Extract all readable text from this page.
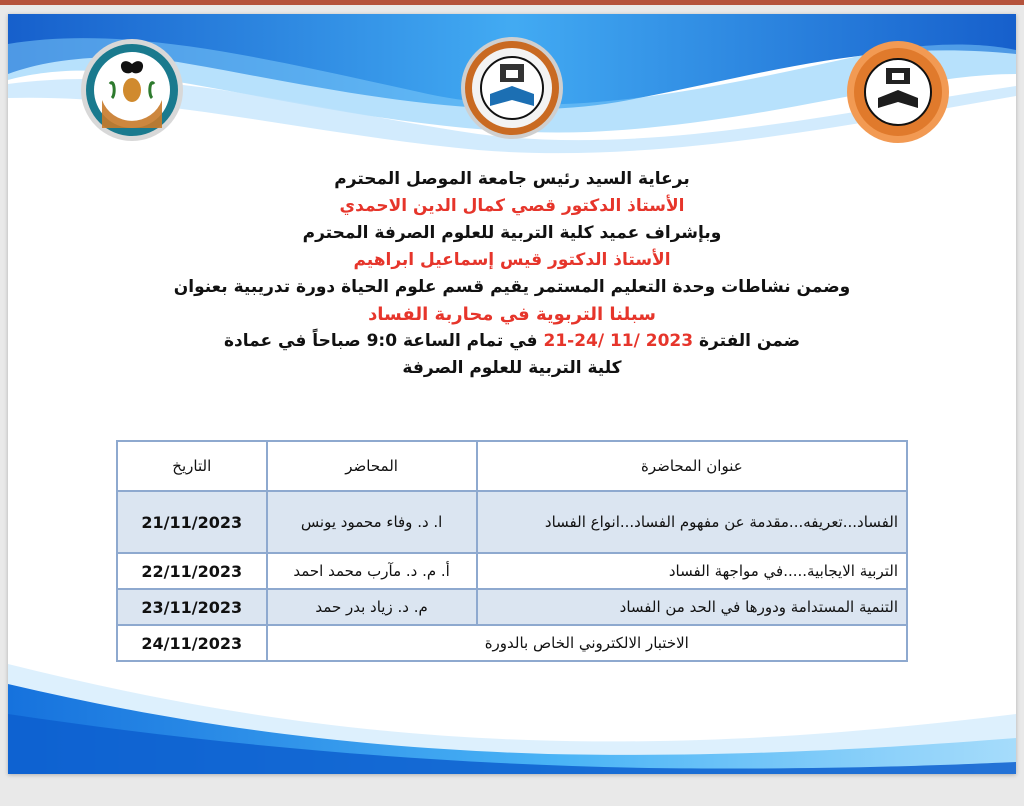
برعاية السيد رئيس جامعة الموصل المحترم
الأستاذ الدكتور قصي كمال الدين الاحمدي
وبإشراف عميد كلية التربية للعلوم الصرفة المحترم
الأستاذ الدكتور قيس إسماعيل ابراهيم
وضمن نشاطات وحدة التعليم المستمر يقيم قسم علوم الحياة دورة تدريبية بعنوان
سبلنا التربوية في محاربة الفساد
ضمن الفترة 21-24/ 11/ 2023 في تمام الساعة 9:0 صباحاً في عمادة
كلية التربية للعلوم الصرفة
عنوان المحاضرة	المحاضر	التاريخ
الفساد...تعريفه...مقدمة عن مفهوم الفساد...انواع الفساد	ا. د. وفاء محمود يونس	21/11/2023
التربية الايجابية.....في مواجهة الفساد	أ. م. د. مآرب محمد احمد	22/11/2023
التنمية المستدامة ودورها في الحد من الفساد	م. د. زياد بدر حمد	23/11/2023
الاختبار الالكتروني الخاص بالدورة		24/11/2023
